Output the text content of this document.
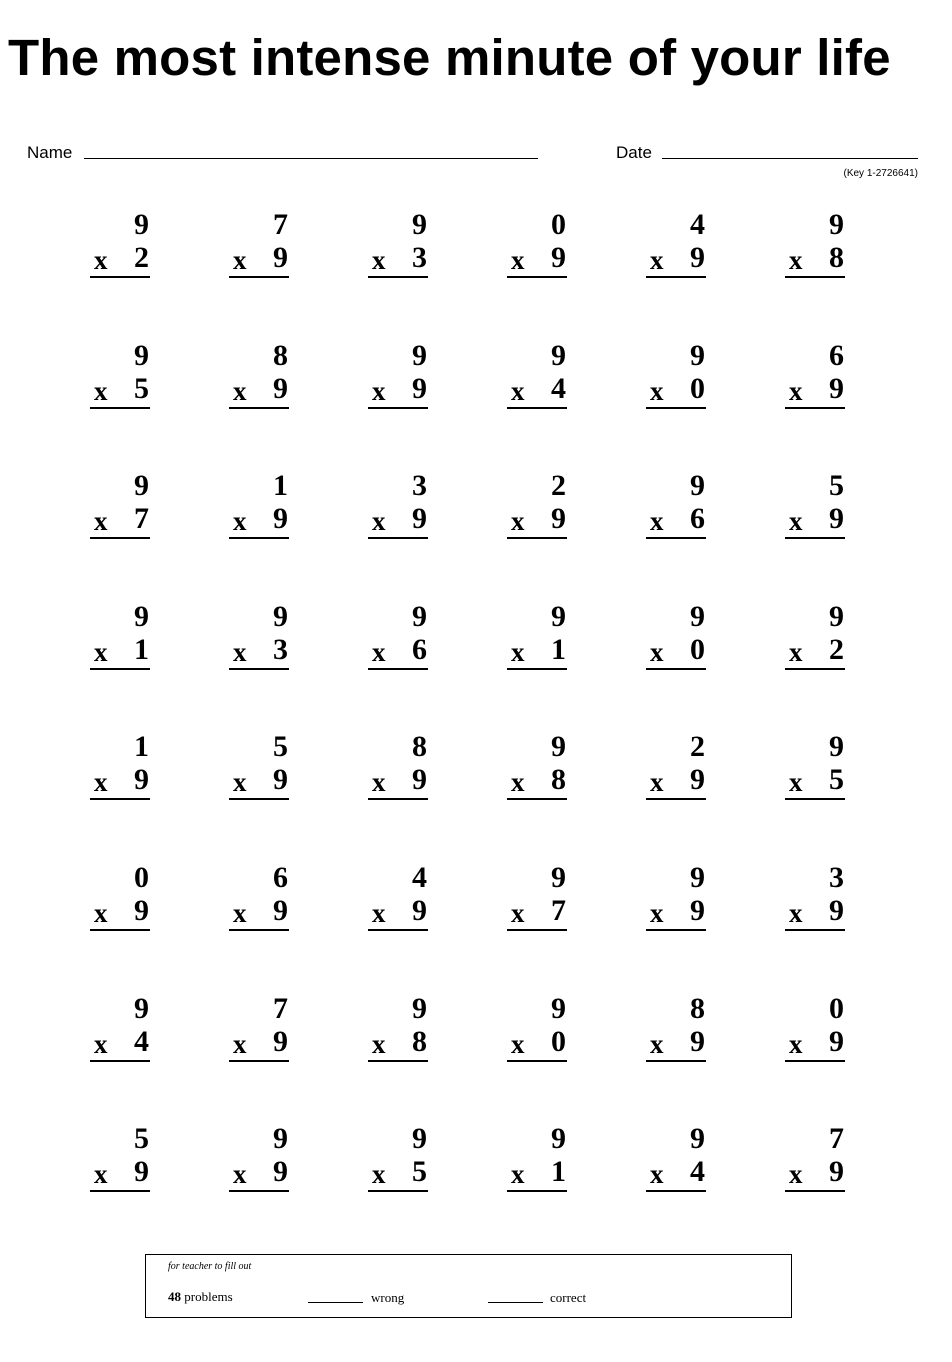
The most intense minute of your life
Name	Date
(Key 1-2726641)
9
x 2
7
x 9
9
x 3
0
x 9
4
x 9
9
x 8
9
x 5
8
x 9
9
x 9
9
x 4
9
x 0
6
x 9
9
x 7
1
x 9
3
x 9
2
x 9
9
x 6
5
x 9
9
x 1
9
x 3
9
x 6
9
x 1
9
x 0
9
x 2
1
x 9
5
x 9
8
x 9
9
x 8
2
x 9
9
x 5
0
x 9
6
x 9
4
x 9
9
x 7
9
x 9
3
x 9
9
x 4
7
x 9
9
x 8
9
x 0
8
x 9
0
x 9
5
x 9
9
x 9
9
x 5
9
x 1
9
x 4
7
x 9
for teacher to fill out
48 problems	wrong	correct
